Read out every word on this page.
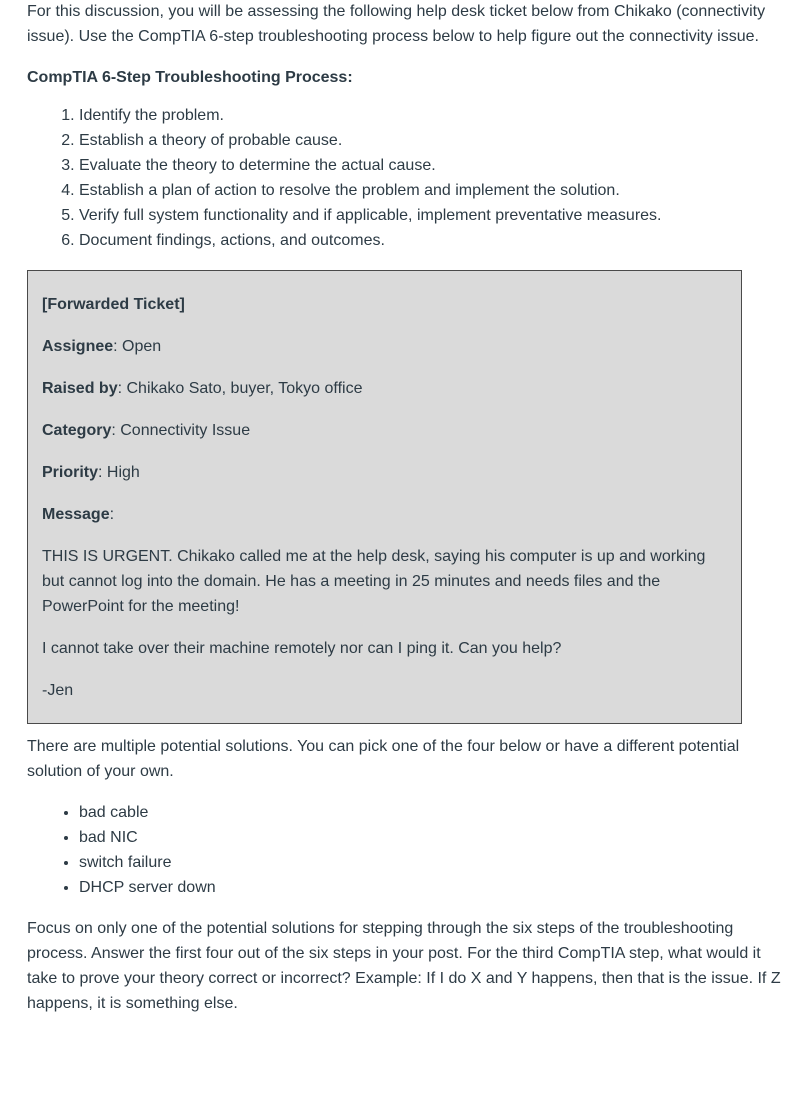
For this discussion, you will be assessing the following help desk ticket below from Chikako (connectivity issue). Use the CompTIA 6-step troubleshooting process below to help figure out the connectivity issue.

CompTIA 6-Step Troubleshooting Process:

1. Identify the problem.
2. Establish a theory of probable cause.
3. Evaluate the theory to determine the actual cause.
4. Establish a plan of action to resolve the problem and implement the solution.
5. Verify full system functionality and if applicable, implement preventative measures.
6. Document findings, actions, and outcomes.

[Forwarded Ticket]

Assignee: Open

Raised by: Chikako Sato, buyer, Tokyo office

Category: Connectivity Issue

Priority: High

Message:

THIS IS URGENT. Chikako called me at the help desk, saying his computer is up and working but cannot log into the domain. He has a meeting in 25 minutes and needs files and the PowerPoint for the meeting!

I cannot take over their machine remotely nor can I ping it. Can you help?

-Jen

There are multiple potential solutions. You can pick one of the four below or have a different potential solution of your own.

• bad cable
• bad NIC
• switch failure
• DHCP server down

Focus on only one of the potential solutions for stepping through the six steps of the troubleshooting process. Answer the first four out of the six steps in your post. For the third CompTIA step, what would it take to prove your theory correct or incorrect? Example: If I do X and Y happens, then that is the issue. If Z happens, it is something else.
